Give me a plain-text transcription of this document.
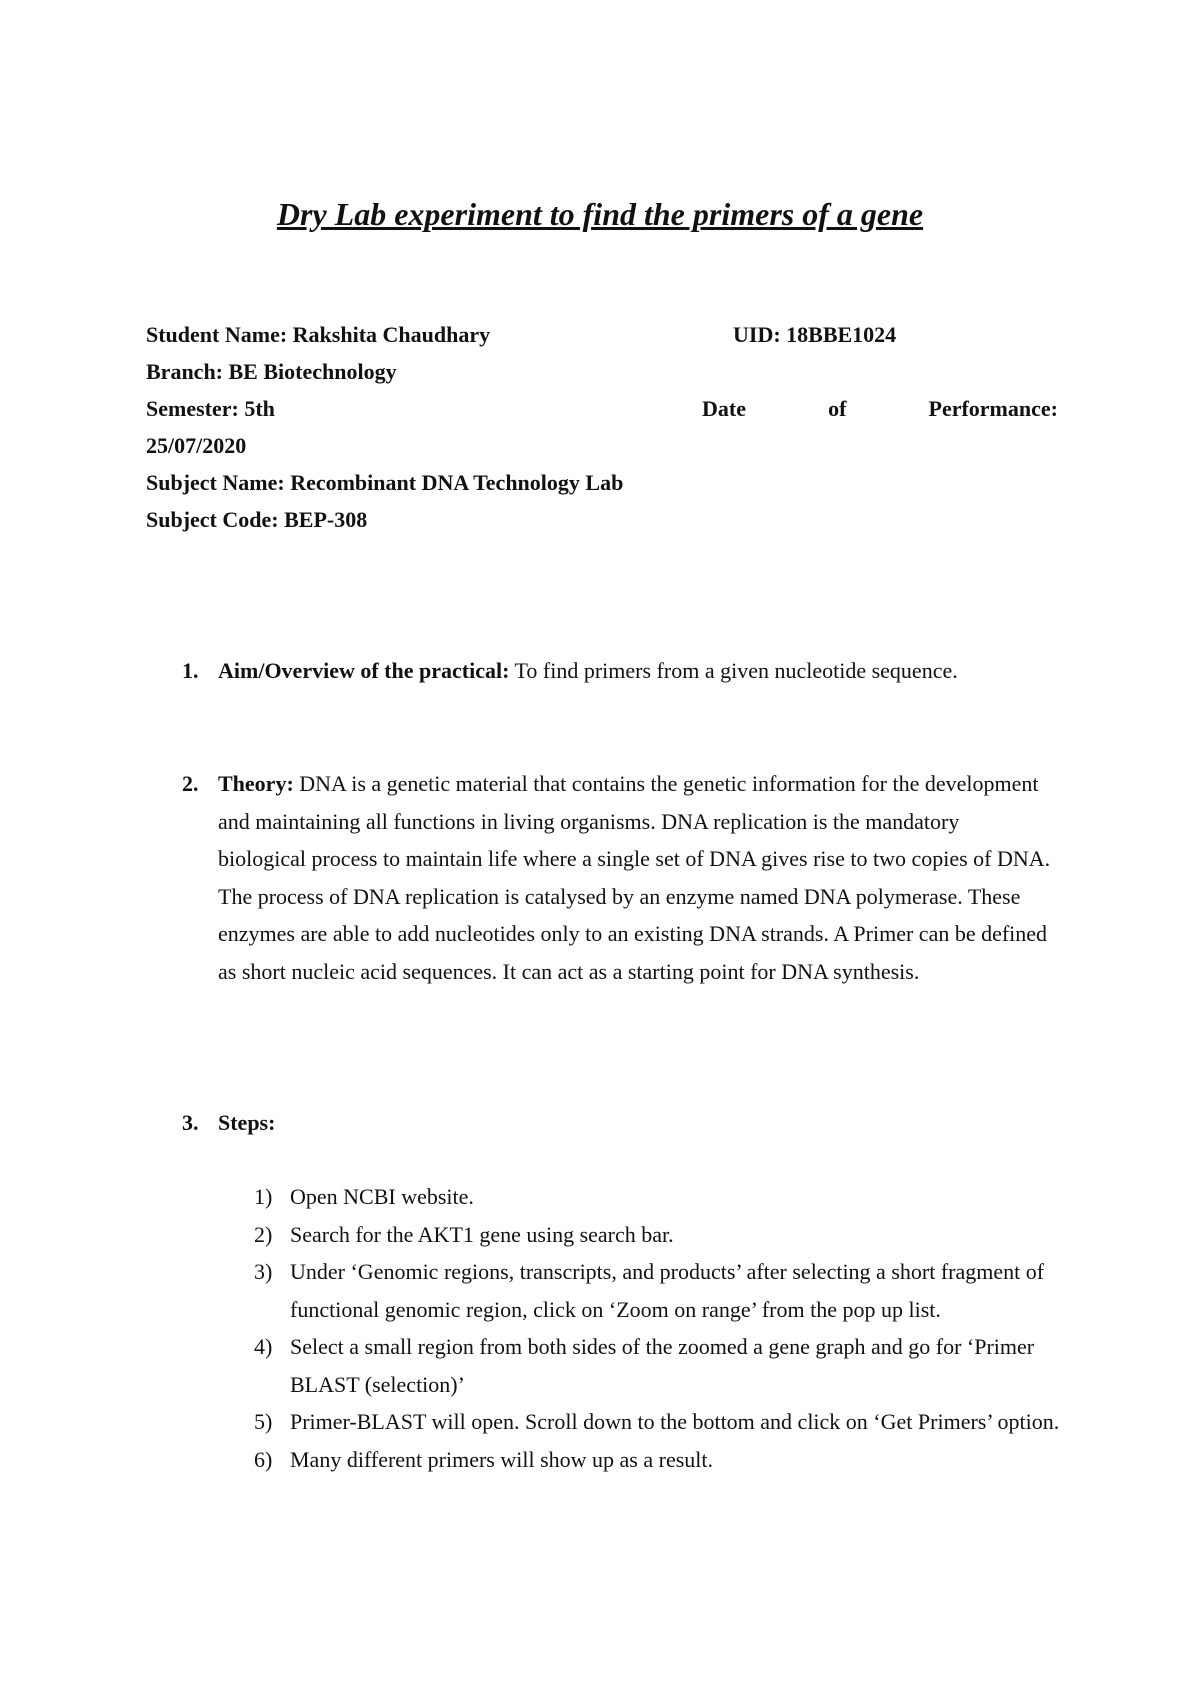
Dry Lab experiment to find the primers of a gene
Student Name: Rakshita Chaudhary	UID: 18BBE1024
Branch: BE Biotechnology
Semester: 5th	Date	of	Performance:
25/07/2020
Subject Name: Recombinant DNA Technology Lab
Subject Code: BEP-308
1. Aim/Overview of the practical: To find primers from a given nucleotide sequence.
2. Theory: DNA is a genetic material that contains the genetic information for the development and maintaining all functions in living organisms. DNA replication is the mandatory biological process to maintain life where a single set of DNA gives rise to two copies of DNA. The process of DNA replication is catalysed by an enzyme named DNA polymerase. These enzymes are able to add nucleotides only to an existing DNA strands. A Primer can be defined as short nucleic acid sequences. It can act as a starting point for DNA synthesis.
3. Steps:
1) Open NCBI website.
2) Search for the AKT1 gene using search bar.
3) Under ‘Genomic regions, transcripts, and products’ after selecting a short fragment of functional genomic region, click on ‘Zoom on range’ from the pop up list.
4) Select a small region from both sides of the zoomed a gene graph and go for ‘Primer BLAST (selection)’
5) Primer-BLAST will open. Scroll down to the bottom and click on ‘Get Primers’ option.
6) Many different primers will show up as a result.
